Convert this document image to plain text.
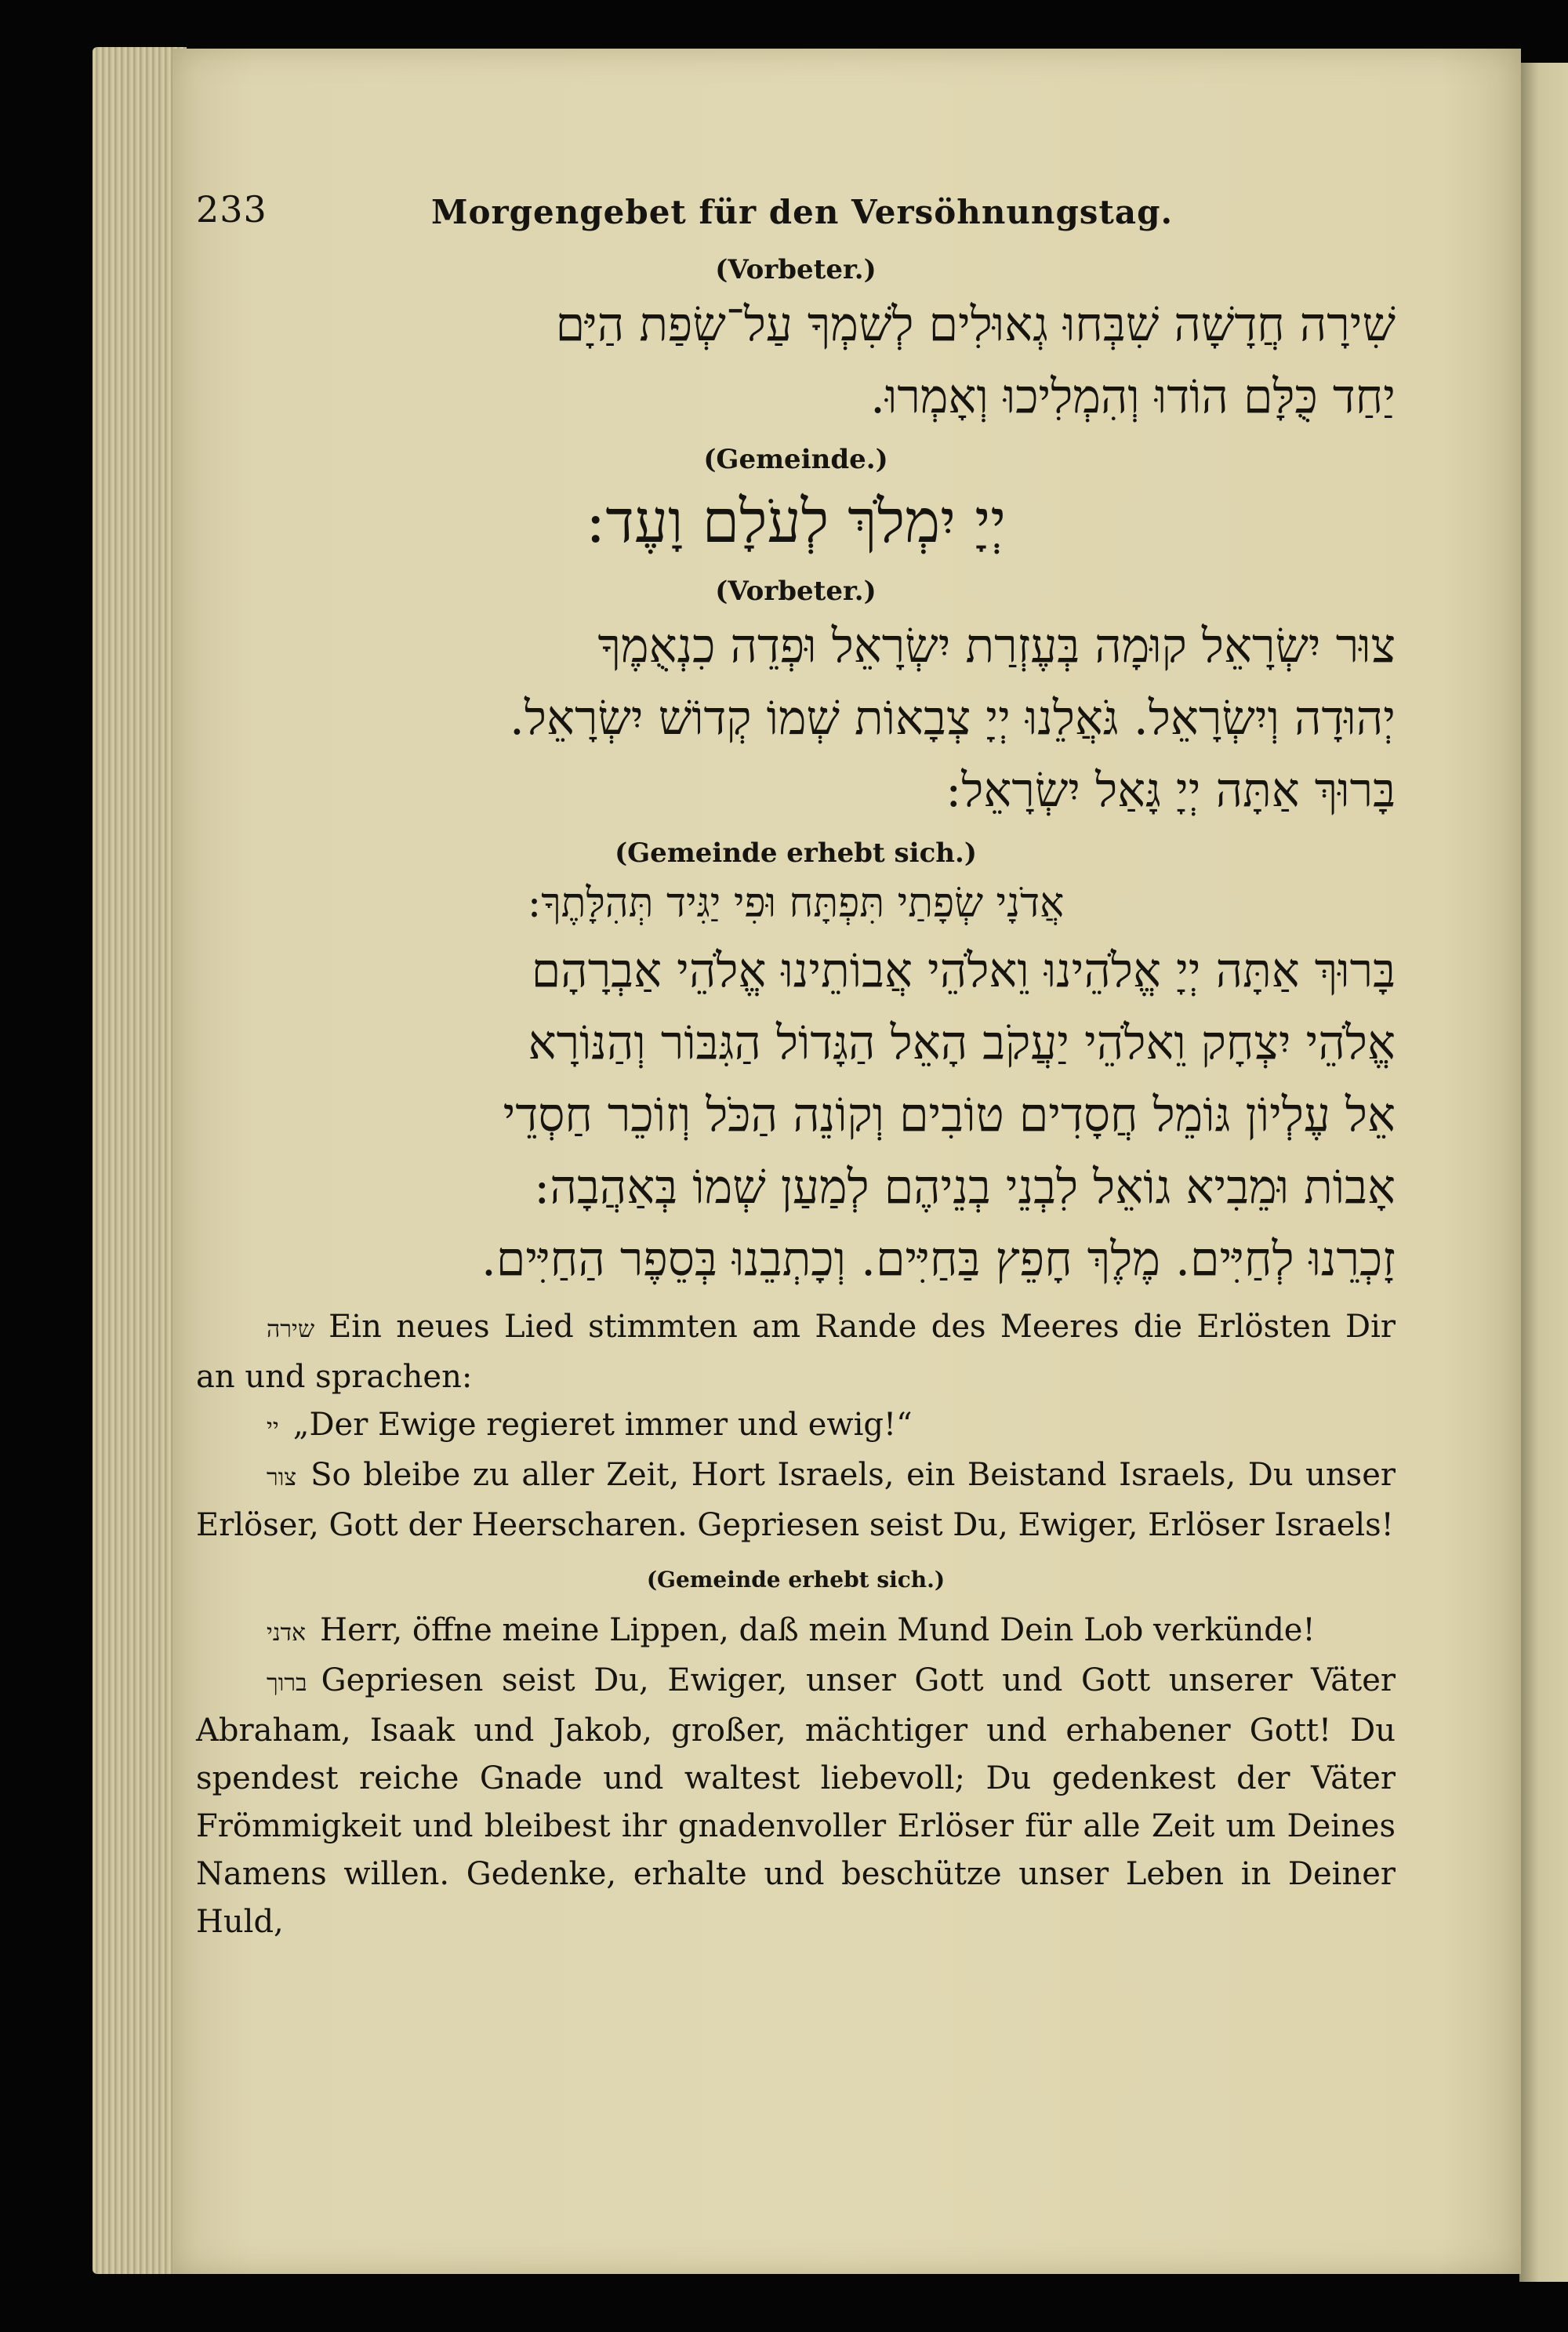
233	Morgengebet für den Versöhnungstag.
(Vorbeter.)
שִׁירָה חֲדָשָׁה שִׁבְּחוּ גְאוּלִים לְשִׁמְךָ עַל־שְׂפַת הַיָּם
יַחַד כֻּלָּם הוֹדוּ וְהִמְלִיכוּ וְאָמְרוּ.
(Gemeinde.)
יְיָ יִמְלֹךְ לְעֹלָם וָעֶד:
(Vorbeter.)
צוּר יִשְׂרָאֵל קוּמָה בְּעֶזְרַת יִשְׂרָאֵל וּפְדֵה כִנְאֻמֶךָ
יְהוּדָה וְיִשְׂרָאֵל. גֹּאֲלֵנוּ יְיָ צְבָאוֹת שְׁמוֹ קְדוֹשׁ יִשְׂרָאֵל.
בָּרוּךְ אַתָּה יְיָ גָּאַל יִשְׂרָאֵל:
(Gemeinde erhebt sich.)
אֲדֹנָי שְׂפָתַי תִּפְתָּח וּפִי יַגִּיד תְּהִלָּתֶךָ:
בָּרוּךְ אַתָּה יְיָ אֱלֹהֵינוּ וֵאלֹהֵי אֲבוֹתֵינוּ אֱלֹהֵי אַבְרָהָם
אֱלֹהֵי יִצְחָק וֵאלֹהֵי יַעֲקֹב הָאֵל הַגָּדוֹל הַגִּבּוֹר וְהַנּוֹרָא
אֵל עֶלְיוֹן גּוֹמֵל חֲסָדִים טוֹבִים וְקוֹנֵה הַכֹּל וְזוֹכֵר חַסְדֵי
אָבוֹת וּמֵבִיא גוֹאֵל לִבְנֵי בְנֵיהֶם לְמַעַן שְׁמוֹ בְּאַהֲבָה:
זָכְרֵנוּ לְחַיִּים. מֶלֶךְ חָפֵץ בַּחַיִּים. וְכָתְבֵנוּ בְּסֵפֶר הַחַיִּים.

שירה Ein neues Lied stimmten am Rande des Meeres die Erlösten Dir an und sprachen:

יי „Der Ewige regieret immer und ewig!“

צור So bleibe zu aller Zeit, Hort Israels, ein Beistand Israels, Du unser Erlöser, Gott der Heerscharen. Gepriesen seist Du, Ewiger, Erlöser Israels!

(Gemeinde erhebt sich.)

אדני Herr, öffne meine Lippen, daß mein Mund Dein Lob verkünde!

ברוך Gepriesen seist Du, Ewiger, unser Gott und Gott unserer Väter Abraham, Isaak und Jakob, großer, mächtiger und erhabener Gott! Du spendest reiche Gnade und waltest liebevoll; Du gedenkest der Väter Frömmigkeit und bleibest ihr gnadenvoller Erlöser für alle Zeit um Deines Namens willen. Gedenke, erhalte und beschütze unser Leben in Deiner Huld,
